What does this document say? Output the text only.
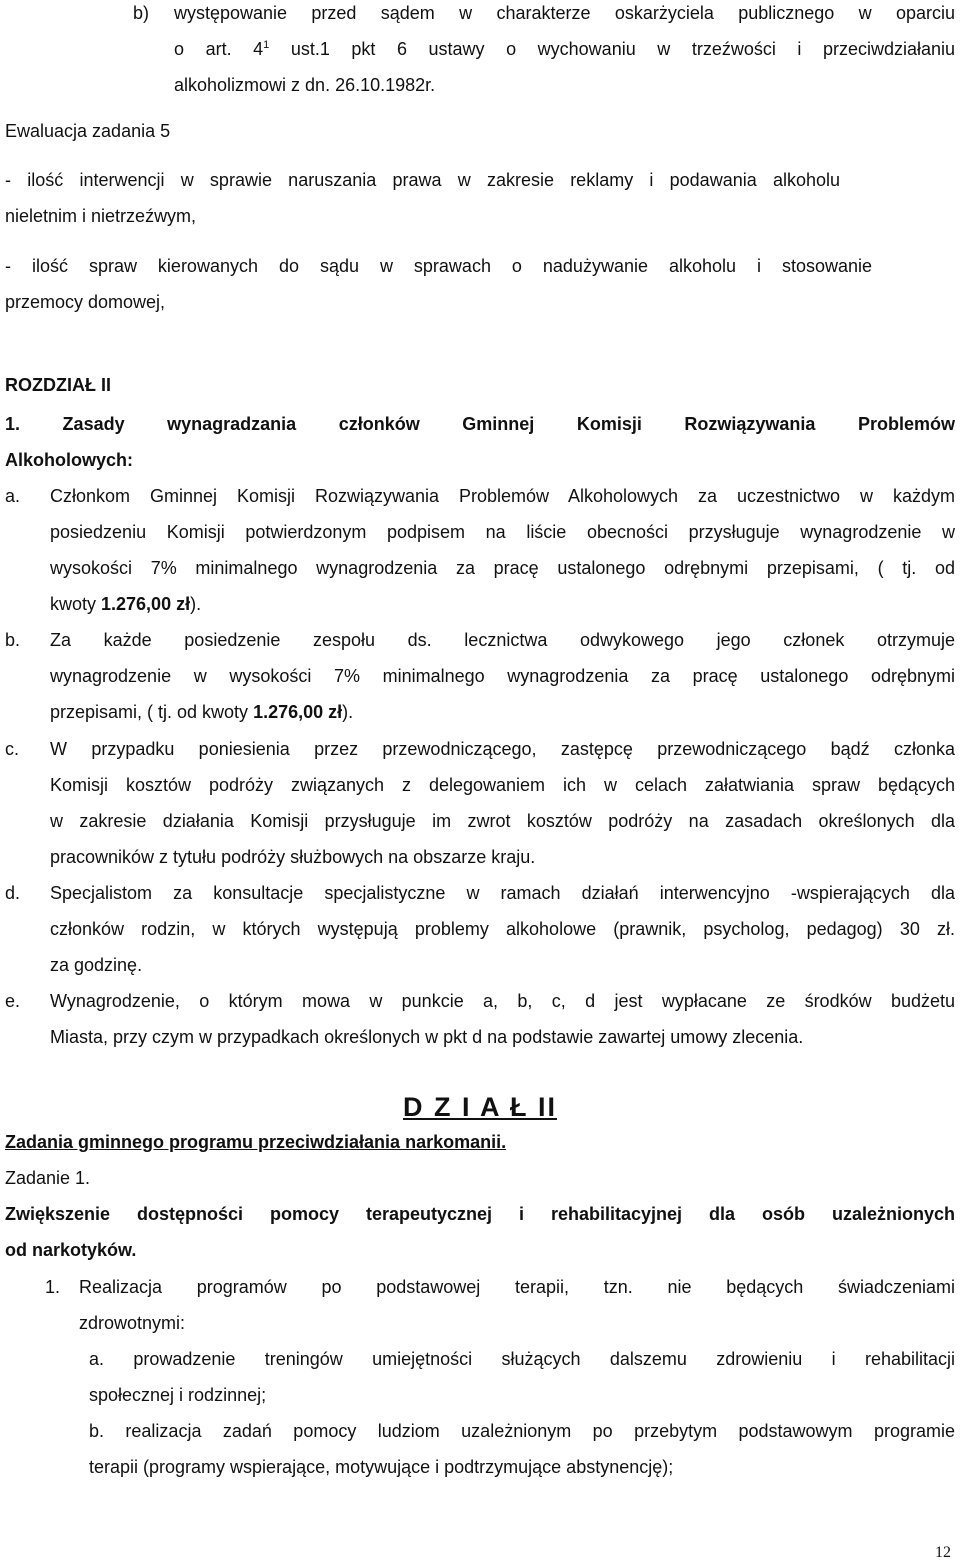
b) występowanie przed sądem w charakterze oskarżyciela publicznego w oparciu

o art. $4^1$ ust.1 pkt 6 ustawy o wychowaniu w trzeźwości i przeciwdziałaniu

alkoholizmowi z dn. 26.10.1982r.

Ewaluacja zadania 5

- ilość interwencji w sprawie naruszania prawa w zakresie reklamy i podawania alkoholu

nieletnim i nietrzeźwym,

- ilość spraw kierowanych do sądu w sprawach o nadużywanie alkoholu i stosowanie

przemocy domowej,

ROZDZIAŁ II

1. Zasady wynagradzania członków Gminnej Komisji Rozwiązywania Problemów

Alkoholowych:

a. Członkom Gminnej Komisji Rozwiązywania Problemów Alkoholowych za uczestnictwo w każdym

posiedzeniu Komisji potwierdzonym podpisem na liście obecności przysługuje wynagrodzenie w

wysokości 7% minimalnego wynagrodzenia za pracę ustalonego odrębnymi przepisami, ( tj. od

kwoty 1.276,00 zł).

b. Za każde posiedzenie zespołu ds. lecznictwa odwykowego jego członek otrzymuje

wynagrodzenie w wysokości 7% minimalnego wynagrodzenia za pracę ustalonego odrębnymi

przepisami, ( tj. od kwoty 1.276,00 zł).

c. W przypadku poniesienia przez przewodniczącego, zastępcę przewodniczącego bądź członka

Komisji kosztów podróży związanych z delegowaniem ich w celach załatwiania spraw będących

w zakresie działania Komisji przysługuje im zwrot kosztów podróży na zasadach określonych dla

pracowników z tytułu podróży służbowych na obszarze kraju.

d. Specjalistom za konsultacje specjalistyczne w ramach działań interwencyjno -wspierających dla

członków rodzin, w których występują problemy alkoholowe (prawnik, psycholog, pedagog) 30 zł.

za godzinę.

e. Wynagrodzenie, o którym mowa w punkcie a, b, c, d jest wypłacane ze środków budżetu

Miasta, przy czym w przypadkach określonych w pkt d na podstawie zawartej umowy zlecenia.

D Z I A Ł II

Zadania gminnego programu przeciwdziałania narkomanii.

Zadanie 1.

Zwiększenie dostępności pomocy terapeutycznej i rehabilitacyjnej dla osób uzależnionych

od narkotyków.

1. Realizacja programów po podstawowej terapii, tzn. nie będących świadczeniami

zdrowotnymi:

a. prowadzenie treningów umiejętności służących dalszemu zdrowieniu i rehabilitacji

społecznej i rodzinnej;

b. realizacja zadań pomocy ludziom uzależnionym po przebytym podstawowym programie

terapii (programy wspierające, motywujące i podtrzymujące abstynencję);

12
